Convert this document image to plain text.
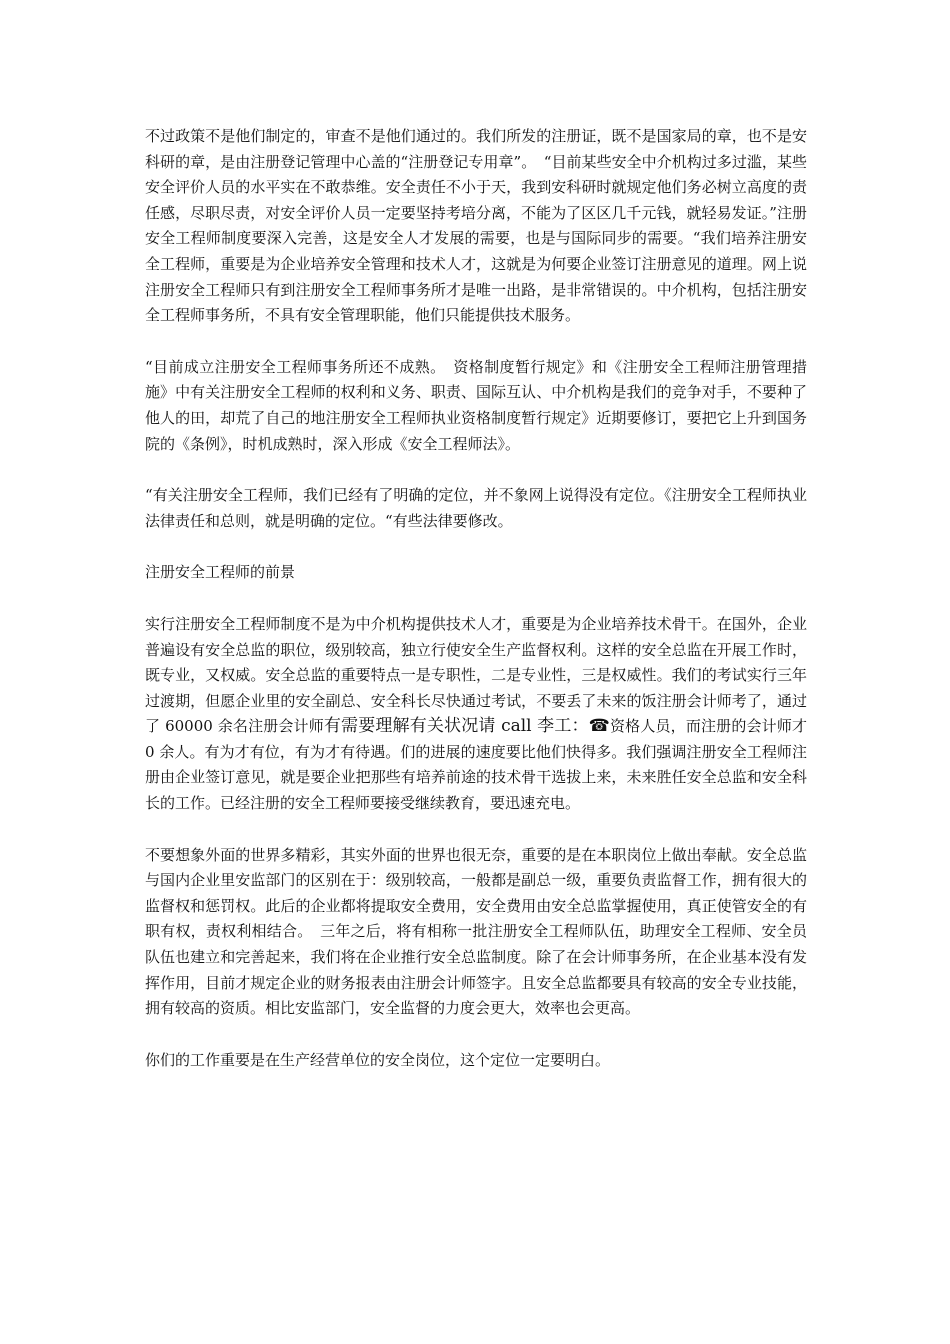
不过政策不是他们制定的，审查不是他们通过的。我们所发的注册证，既不是国家局的章，也不是安科研的章，是由注册登记管理中心盖的“注册登记专用章”。　“目前某些安全中介机构过多过滥，某些安全评价人员的水平实在不敢恭维。安全责任不小于天，我到安科研时就规定他们务必树立高度的责任感，尽职尽责，对安全评价人员一定要坚持考培分离，不能为了区区几千元钱，就轻易发证。”注册安全工程师制度要深入完善，这是安全人才发展的需要，也是与国际同步的需要。“我们培养注册安全工程师，重要是为企业培养安全管理和技术人才，这就是为何要企业签订注册意见的道理。网上说注册安全工程师只有到注册安全工程师事务所才是唯一出路，是非常错误的。中介机构，包括注册安全工程师事务所，不具有安全管理职能，他们只能提供技术服务。

“目前成立注册安全工程师事务所还不成熟。　资格制度暂行规定》和《注册安全工程师注册管理措施》中有关注册安全工程师的权利和义务、职责、国际互认、中介机构是我们的竞争对手，不要种了他人的田，却荒了自己的地注册安全工程师执业资格制度暂行规定》近期要修订，要把它上升到国务院的《条例》，时机成熟时，深入形成《安全工程师法》。

“有关注册安全工程师，我们已经有了明确的定位，并不象网上说得没有定位。《注册安全工程师执业　法律责任和总则，就是明确的定位。“有些法律要修改。

注册安全工程师的前景

实行注册安全工程师制度不是为中介机构提供技术人才，重要是为企业培养技术骨干。在国外，企业普遍设有安全总监的职位，级别较高，独立行使安全生产监督权利。这样的安全总监在开展工作时，既专业，又权威。安全总监的重要特点一是专职性，二是专业性，三是权威性。我们的考试实行三年过渡期，但愿企业里的安全副总、安全科长尽快通过考试，不要丢了未来的饭注册会计师考了，通过了 60000 余名注册会计师有需要理解有关状况请 call 李工：☎资格人员，而注册的会计师才 0 余人。有为才有位，有为才有待遇。们的进展的速度要比他们快得多。我们强调注册安全工程师注册由企业签订意见，就是要企业把那些有培养前途的技术骨干选拔上来，未来胜任安全总监和安全科长的工作。已经注册的安全工程师要接受继续教育，要迅速充电。

不要想象外面的世界多精彩，其实外面的世界也很无奈，重要的是在本职岗位上做出奉献。安全总监与国内企业里安监部门的区别在于：级别较高，一般都是副总一级，重要负责监督工作，拥有很大的监督权和惩罚权。此后的企业都将提取安全费用，安全费用由安全总监掌握使用，真正使管安全的有职有权，责权利相结合。　三年之后，将有相称一批注册安全工程师队伍，助理安全工程师、安全员队伍也建立和完善起来，我们将在企业推行安全总监制度。除了在会计师事务所，在企业基本没有发挥作用，目前才规定企业的财务报表由注册会计师签字。且安全总监都要具有较高的安全专业技能，拥有较高的资质。相比安监部门，安全监督的力度会更大，效率也会更高。

你们的工作重要是在生产经营单位的安全岗位，这个定位一定要明白。
